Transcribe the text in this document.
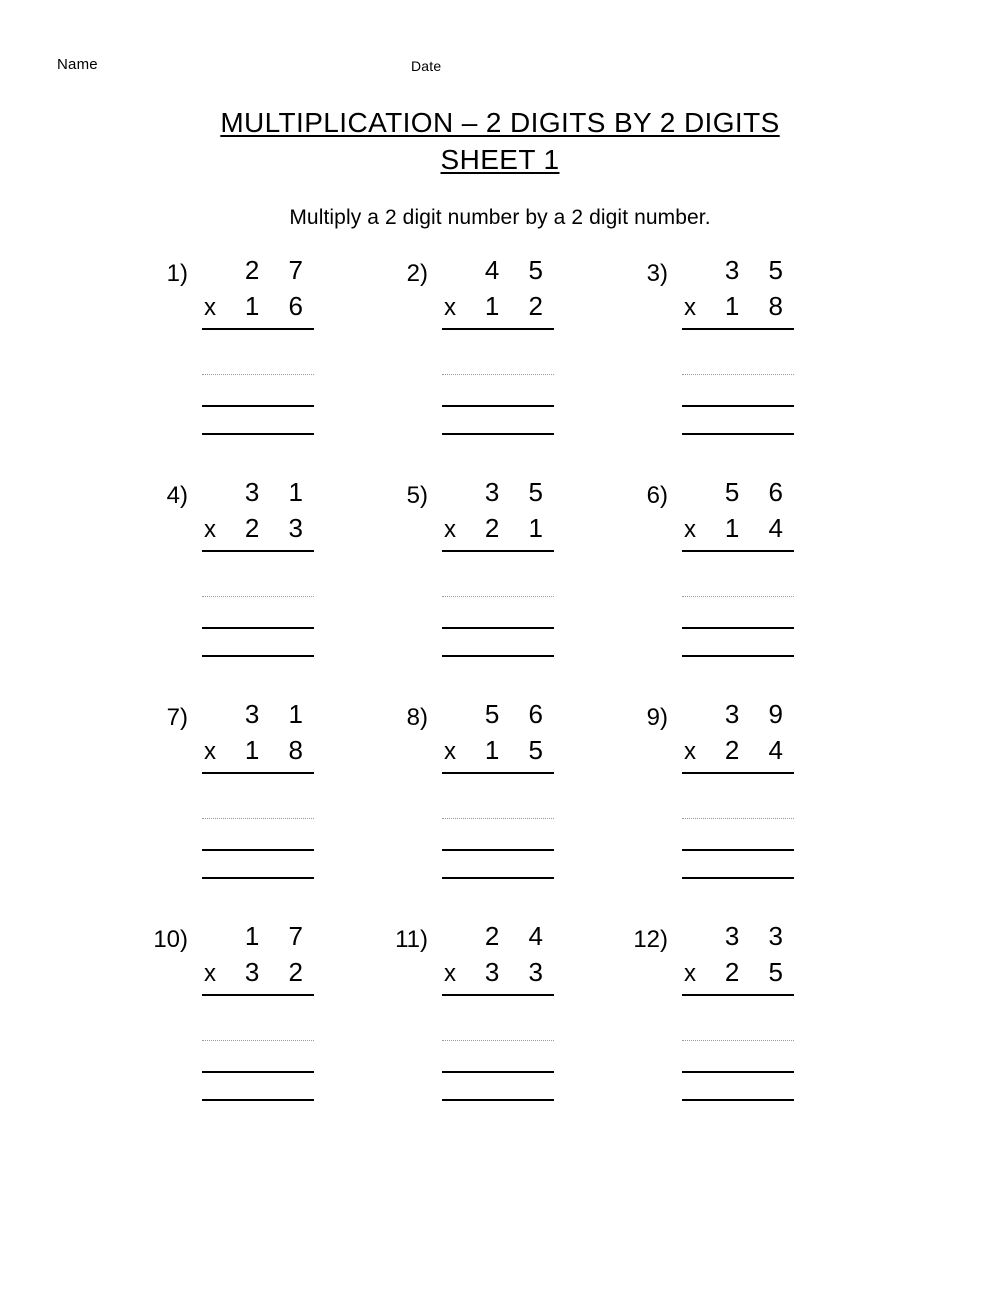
Name	Date
MULTIPLICATION – 2 DIGITS BY 2 DIGITS
SHEET 1
Multiply a 2 digit number by a 2 digit number.
1)	2 7
x	1 6
2)	4 5
x	1 2
3)	3 5
x	1 8
4)	3 1
x	2 3
5)	3 5
x	2 1
6)	5 6
x	1 4
7)	3 1
x	1 8
8)	5 6
x	1 5
9)	3 9
x	2 4
10)	1 7
x	3 2
11)	2 4
x	3 3
12)	3 3
x	2 5
